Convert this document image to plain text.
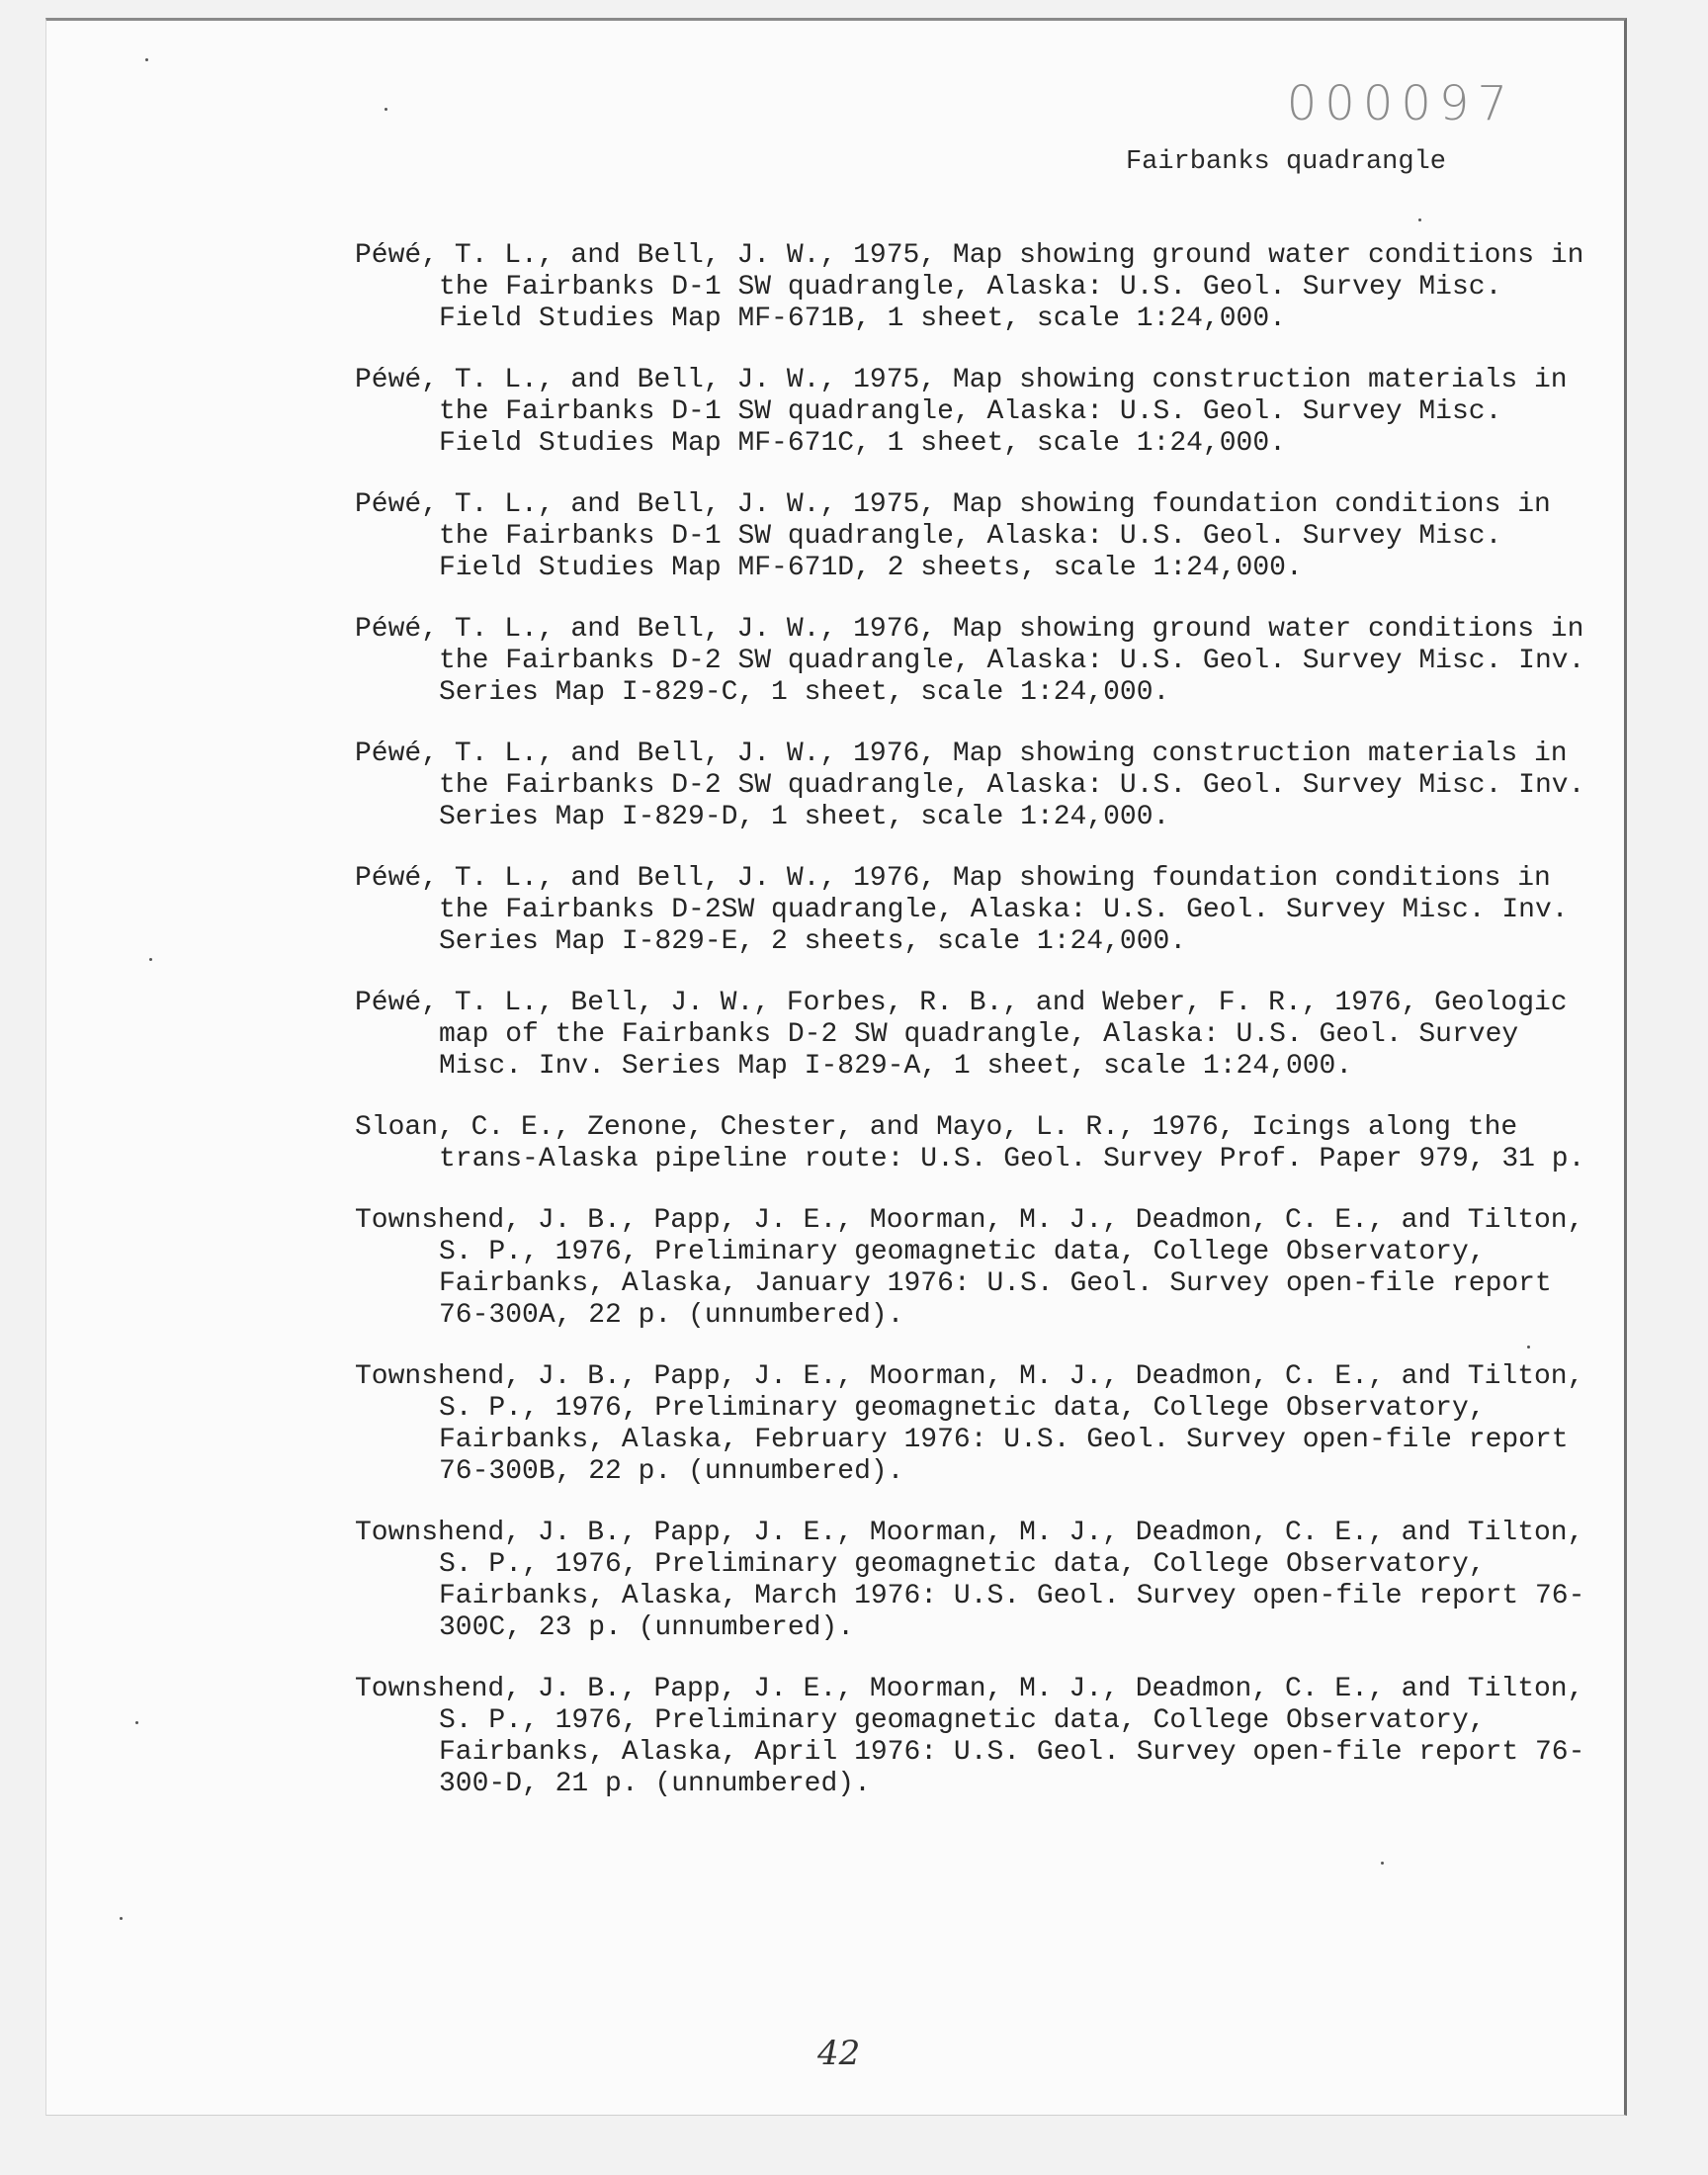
000097
Fairbanks quadrangle
Péwé, T. L., and Bell, J. W., 1975, Map showing ground water conditions in the Fairbanks D-1 SW quadrangle, Alaska: U.S. Geol. Survey Misc. Field Studies Map MF-671B, 1 sheet, scale 1:24,000.
Péwé, T. L., and Bell, J. W., 1975, Map showing construction materials in the Fairbanks D-1 SW quadrangle, Alaska: U.S. Geol. Survey Misc. Field Studies Map MF-671C, 1 sheet, scale 1:24,000.
Péwé, T. L., and Bell, J. W., 1975, Map showing foundation conditions in the Fairbanks D-1 SW quadrangle, Alaska: U.S. Geol. Survey Misc. Field Studies Map MF-671D, 2 sheets, scale 1:24,000.
Péwé, T. L., and Bell, J. W., 1976, Map showing ground water conditions in the Fairbanks D-2 SW quadrangle, Alaska: U.S. Geol. Survey Misc. Inv. Series Map I-829-C, 1 sheet, scale 1:24,000.
Péwé, T. L., and Bell, J. W., 1976, Map showing construction materials in the Fairbanks D-2 SW quadrangle, Alaska: U.S. Geol. Survey Misc. Inv. Series Map I-829-D, 1 sheet, scale 1:24,000.
Péwé, T. L., and Bell, J. W., 1976, Map showing foundation conditions in the Fairbanks D-2SW quadrangle, Alaska: U.S. Geol. Survey Misc. Inv. Series Map I-829-E, 2 sheets, scale 1:24,000.
Péwé, T. L., Bell, J. W., Forbes, R. B., and Weber, F. R., 1976, Geologic map of the Fairbanks D-2 SW quadrangle, Alaska: U.S. Geol. Survey Misc. Inv. Series Map I-829-A, 1 sheet, scale 1:24,000.
Sloan, C. E., Zenone, Chester, and Mayo, L. R., 1976, Icings along the trans-Alaska pipeline route: U.S. Geol. Survey Prof. Paper 979, 31 p.
Townshend, J. B., Papp, J. E., Moorman, M. J., Deadmon, C. E., and Tilton, S. P., 1976, Preliminary geomagnetic data, College Observatory, Fairbanks, Alaska, January 1976: U.S. Geol. Survey open-file report 76-300A, 22 p. (unnumbered).
Townshend, J. B., Papp, J. E., Moorman, M. J., Deadmon, C. E., and Tilton, S. P., 1976, Preliminary geomagnetic data, College Observatory, Fairbanks, Alaska, February 1976: U.S. Geol. Survey open-file report 76-300B, 22 p. (unnumbered).
Townshend, J. B., Papp, J. E., Moorman, M. J., Deadmon, C. E., and Tilton, S. P., 1976, Preliminary geomagnetic data, College Observatory, Fairbanks, Alaska, March 1976: U.S. Geol. Survey open-file report 76-300C, 23 p. (unnumbered).
Townshend, J. B., Papp, J. E., Moorman, M. J., Deadmon, C. E., and Tilton, S. P., 1976, Preliminary geomagnetic data, College Observatory, Fairbanks, Alaska, April 1976: U.S. Geol. Survey open-file report 76-300-D, 21 p. (unnumbered).
42
